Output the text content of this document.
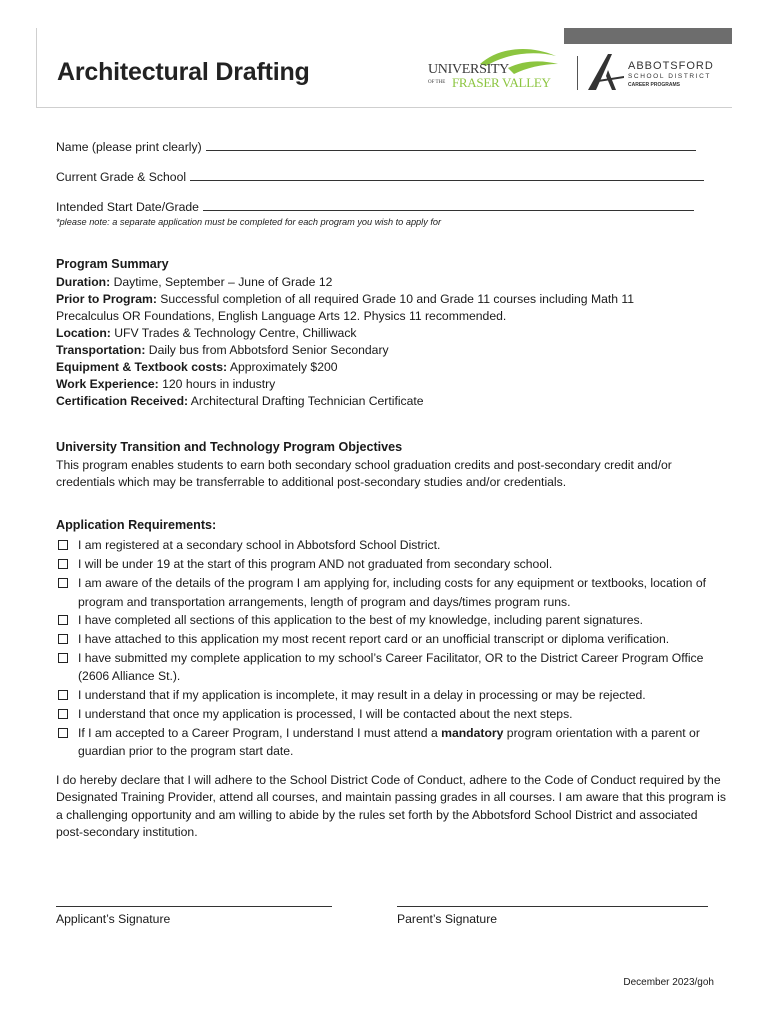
Architectural Drafting	UNIVERSITY
OF THE FRASER VALLEY
ABBOTSFORD
SCHOOL DISTRICT
CAREER PROGRAMS
Name (please print clearly)
Current Grade & School
Intended Start Date/Grade
*please note: a separate application must be completed for each program you wish to apply for
Program Summary
Duration: Daytime, September – June of Grade 12
Prior to Program: Successful completion of all required Grade 10 and Grade 11 courses including Math 11
Precalculus OR Foundations, English Language Arts 12. Physics 11 recommended.
Location: UFV Trades & Technology Centre, Chilliwack
Transportation: Daily bus from Abbotsford Senior Secondary
Equipment & Textbook costs: Approximately $200
Work Experience: 120 hours in industry
Certification Received: Architectural Drafting Technician Certificate
University Transition and Technology Program Objectives
This program enables students to earn both secondary school graduation credits and post-secondary credit and/or credentials which may be transferrable to additional post-secondary studies and/or credentials.
Application Requirements:
I am registered at a secondary school in Abbotsford School District.
I will be under 19 at the start of this program AND not graduated from secondary school.
I am aware of the details of the program I am applying for, including costs for any equipment or textbooks, location of program and transportation arrangements, length of program and days/times program runs.
I have completed all sections of this application to the best of my knowledge, including parent signatures.
I have attached to this application my most recent report card or an unofficial transcript or diploma verification.
I have submitted my complete application to my school’s Career Facilitator, OR to the District Career Program Office (2606 Alliance St.).
I understand that if my application is incomplete, it may result in a delay in processing or may be rejected.
I understand that once my application is processed, I will be contacted about the next steps.
If I am accepted to a Career Program, I understand I must attend a mandatory program orientation with a parent or guardian prior to the program start date.
I do hereby declare that I will adhere to the School District Code of Conduct, adhere to the Code of Conduct required by the Designated Training Provider, attend all courses, and maintain passing grades in all courses. I am aware that this program is a challenging opportunity and am willing to abide by the rules set forth by the Abbotsford School District and associated post-secondary institution.
Applicant’s Signature	Parent’s Signature
December 2023/goh
